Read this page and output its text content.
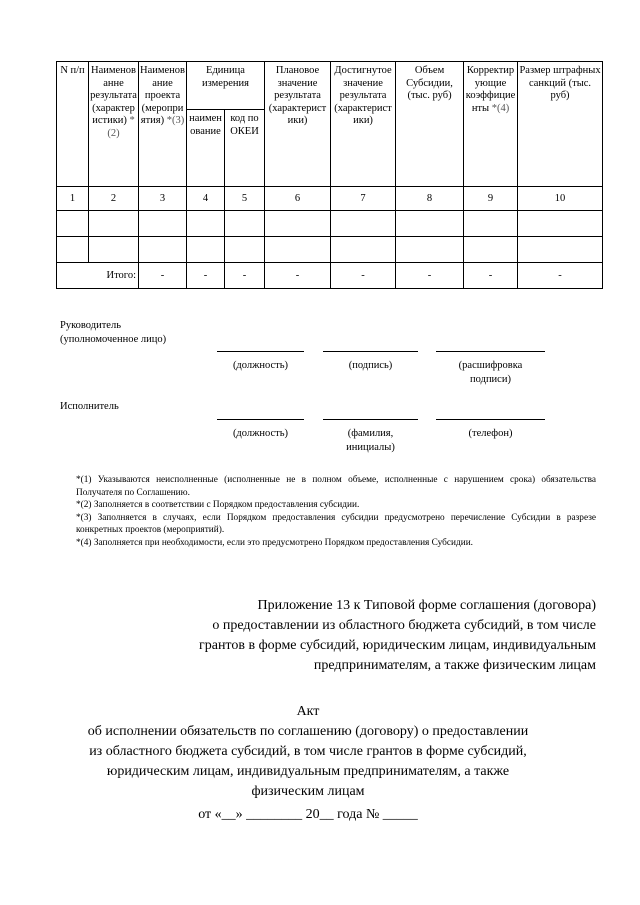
N п/п	Наименованне результата (характеристики) *(2)	Наименование проекта (мероприятия) *(3)	Единица измерения		Плановое значение результата (характеристики)	Достигнутое значение результата (характеристики)	Объем Субсидии, (тыс. руб)	Корректирующие коэффициенты *(4)	Размер штрафных санкций (тыс. руб)
			наименование	код по ОКЕИ					
1	2	3	4	5	6	7	8	9	10

Итого:		-	-	-	-	-	-	-	-
Руководитель
(уполномоченное лицо)
(должность)	(подпись)	(расшифровка
подписи)
Исполнитель
(должность)	(фамилия,
инициалы)
(телефон)

*(1) Указываются неисполненные (исполненные не в полном объеме, исполненные с нарушением срока) обязательства Получателя по Соглашению.

*(2) Заполняется в соответствии с Порядком предоставления субсидии.

*(3) Заполняется в случаях, если Порядком предоставления субсидии предусмотрено перечисление Субсидии в разрезе конкретных проектов (мероприятий).

*(4) Заполняется при необходимости, если это предусмотрено Порядком предоставления Субсидии.

Приложение 13 к Типовой форме соглашения (договора)
о предоставлении из областного бюджета субсидий, в том числе
грантов в форме субсидий, юридическим лицам, индивидуальным
предпринимателям, а также физическим лицам
Акт
об исполнении обязательств по соглашению (договору) о предоставлении
из областного бюджета субсидий, в том числе грантов в форме субсидий,
юридическим лицам, индивидуальным предпринимателям, а также
физическим лицам
от «__» ________ 20__ года № _____
